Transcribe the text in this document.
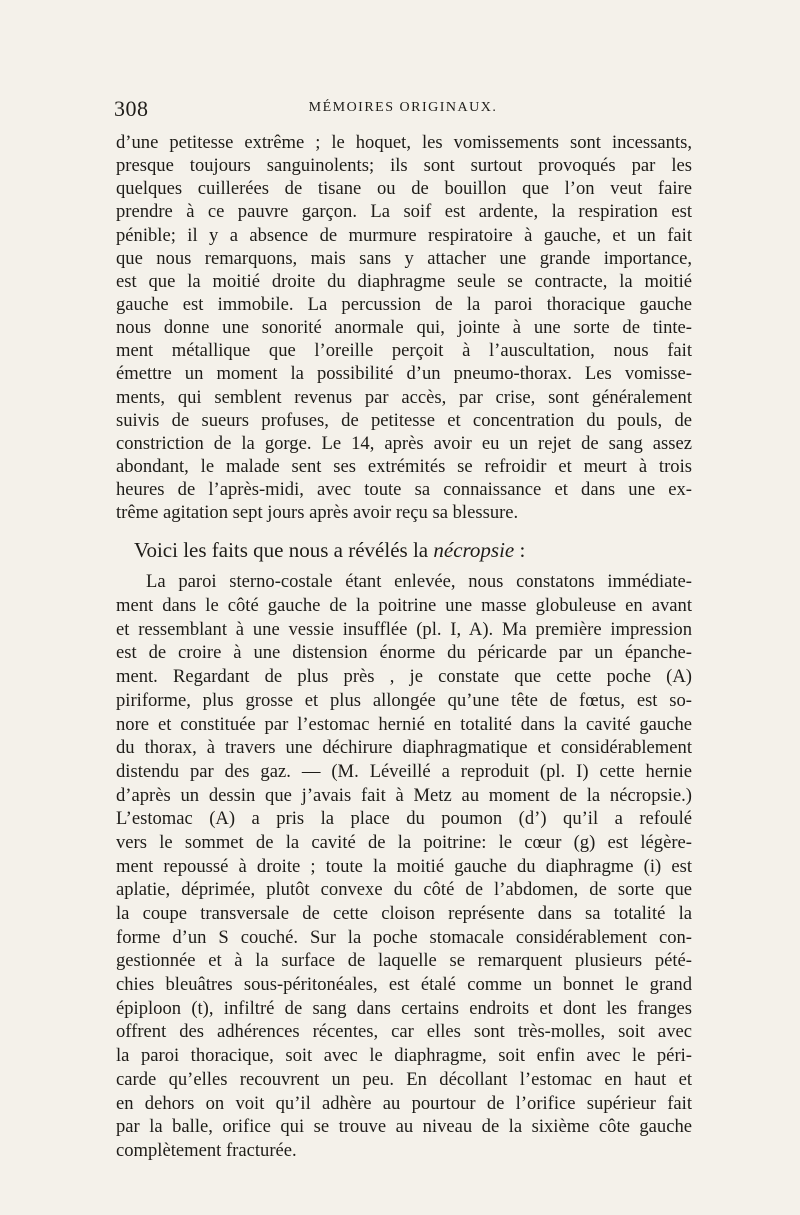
308	MÉMOIRES ORIGINAUX.
d’une petitesse extrême ; le hoquet, les vomissements sont incessants,
presque toujours sanguinolents; ils sont surtout provoqués par les
quelques cuillerées de tisane ou de bouillon que l’on veut faire
prendre à ce pauvre garçon. La soif est ardente, la respiration est
pénible; il y a absence de murmure respiratoire à gauche, et un fait
que nous remarquons, mais sans y attacher une grande importance,
est que la moitié droite du diaphragme seule se contracte, la moitié
gauche est immobile. La percussion de la paroi thoracique gauche
nous donne une sonorité anormale qui, jointe à une sorte de tinte-
ment métallique que l’oreille perçoit à l’auscultation, nous fait
émettre un moment la possibilité d’un pneumo-thorax. Les vomisse-
ments, qui semblent revenus par accès, par crise, sont généralement
suivis de sueurs profuses, de petitesse et concentration du pouls, de
constriction de la gorge. Le 14, après avoir eu un rejet de sang assez
abondant, le malade sent ses extrémités se refroidir et meurt à trois
heures de l’après-midi, avec toute sa connaissance et dans une ex-
trême agitation sept jours après avoir reçu sa blessure.
Voici les faits que nous a révélés la nécropsie :
La paroi sterno-costale étant enlevée, nous constatons immédiate-
ment dans le côté gauche de la poitrine une masse globuleuse en avant
et ressemblant à une vessie insufflée (pl. I, A). Ma première impression
est de croire à une distension énorme du péricarde par un épanche-
ment. Regardant de plus près , je constate que cette poche (A)
piriforme, plus grosse et plus allongée qu’une tête de fœtus, est so-
nore et constituée par l’estomac hernié en totalité dans la cavité gauche
du thorax, à travers une déchirure diaphragmatique et considérablement
distendu par des gaz. — (M. Léveillé a reproduit (pl. I) cette hernie
d’après un dessin que j’avais fait à Metz au moment de la nécropsie.)
L’estomac (A) a pris la place du poumon (d’) qu’il a refoulé
vers le sommet de la cavité de la poitrine: le cœur (g) est légère-
ment repoussé à droite ; toute la moitié gauche du diaphragme (i) est
aplatie, déprimée, plutôt convexe du côté de l’abdomen, de sorte que
la coupe transversale de cette cloison représente dans sa totalité la
forme d’un S couché. Sur la poche stomacale considérablement con-
gestionnée et à la surface de laquelle se remarquent plusieurs pété-
chies bleuâtres sous-péritonéales, est étalé comme un bonnet le grand
épiploon (t), infiltré de sang dans certains endroits et dont les franges
offrent des adhérences récentes, car elles sont très-molles, soit avec
la paroi thoracique, soit avec le diaphragme, soit enfin avec le péri-
carde qu’elles recouvrent un peu. En décollant l’estomac en haut et
en dehors on voit qu’il adhère au pourtour de l’orifice supérieur fait
par la balle, orifice qui se trouve au niveau de la sixième côte gauche
complètement fracturée.
